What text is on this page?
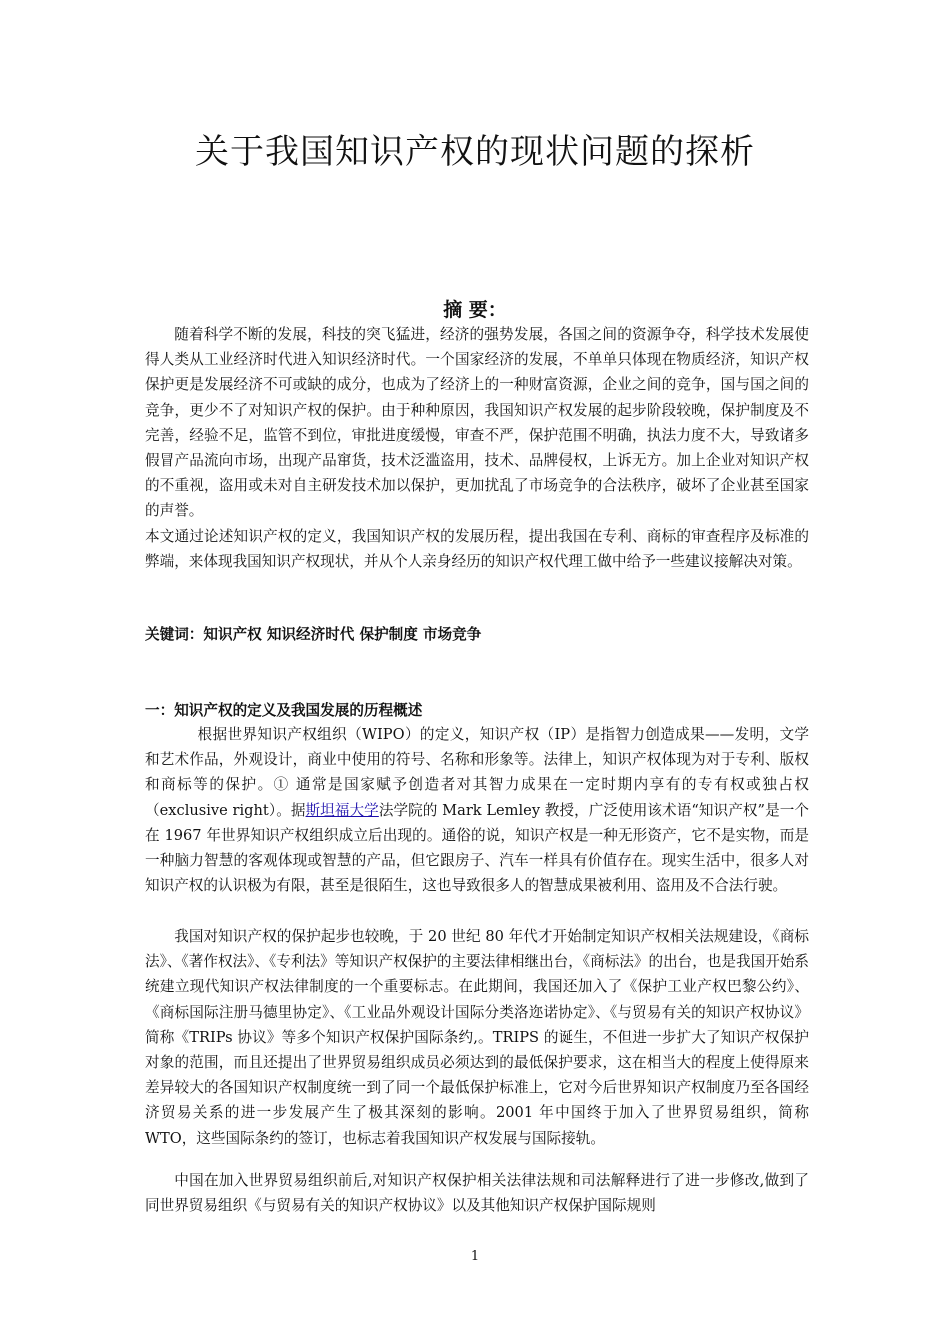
关于我国知识产权的现状问题的探析
摘 要：

随着科学不断的发展，科技的突飞猛进，经济的强势发展，各国之间的资源争夺，科学技术发展使得人类从工业经济时代进入知识经济时代。一个国家经济的发展，不单单只体现在物质经济，知识产权保护更是发展经济不可或缺的成分，也成为了经济上的一种财富资源，企业之间的竞争，国与国之间的竞争，更少不了对知识产权的保护。由于种种原因，我国知识产权发展的起步阶段较晚，保护制度及不完善，经验不足，监管不到位，审批进度缓慢，审查不严，保护范围不明确，执法力度不大，导致诸多假冒产品流向市场，出现产品窜货，技术泛滥盗用，技术、品牌侵权，上诉无方。加上企业对知识产权的不重视，盗用或未对自主研发技术加以保护，更加扰乱了市场竞争的合法秩序，破坏了企业甚至国家的声誉。

本文通过论述知识产权的定义，我国知识产权的发展历程，提出我国在专利、商标的审查程序及标准的弊端，来体现我国知识产权现状，并从个人亲身经历的知识产权代理工做中给予一些建议接解决对策。

关键词：知识产权 知识经济时代 保护制度 市场竞争

一：知识产权的定义及我国发展的历程概述

根据世界知识产权组织（WIPO）的定义，知识产权（IP）是指智力创造成果——发明，文学和艺术作品，外观设计，商业中使用的符号、名称和形象等。法律上，知识产权体现为对于专利、版权和商标等的保护。① 通常是国家赋予创造者对其智力成果在一定时期内享有的专有权或独占权（exclusive right）。据斯坦福大学法学院的 Mark Lemley 教授，广泛使用该术语“知识产权”是一个在 1967 年世界知识产权组织成立后出现的。通俗的说，知识产权是一种无形资产，它不是实物，而是一种脑力智慧的客观体现或智慧的产品，但它跟房子、汽车一样具有价值存在。现实生活中，很多人对知识产权的认识极为有限，甚至是很陌生，这也导致很多人的智慧成果被利用、盗用及不合法行驶。

我国对知识产权的保护起步也较晚，于 20 世纪 80 年代才开始制定知识产权相关法规建设，《商标法》、《著作权法》、《专利法》等知识产权保护的主要法律相继出台，《商标法》的出台，也是我国开始系统建立现代知识产权法律制度的一个重要标志。在此期间，我国还加入了《保护工业产权巴黎公约》、《商标国际注册马德里协定》、《工业品外观设计国际分类洛迩诺协定》、《与贸易有关的知识产权协议》简称《TRIPs 协议》等多个知识产权保护国际条约,。TRIPS 的诞生，不但进一步扩大了知识产权保护对象的范围，而且还提出了世界贸易组织成员必须达到的最低保护要求，这在相当大的程度上使得原来差异较大的各国知识产权制度统一到了同一个最低保护标准上，它对今后世界知识产权制度乃至各国经济贸易关系的进一步发展产生了极其深刻的影响。2001 年中国终于加入了世界贸易组织，简称 WTO，这些国际条约的签订，也标志着我国知识产权发展与国际接轨。

中国在加入世界贸易组织前后,对知识产权保护相关法律法规和司法解释进行了进一步修改,做到了同世界贸易组织《与贸易有关的知识产权协议》以及其他知识产权保护国际规则

1
